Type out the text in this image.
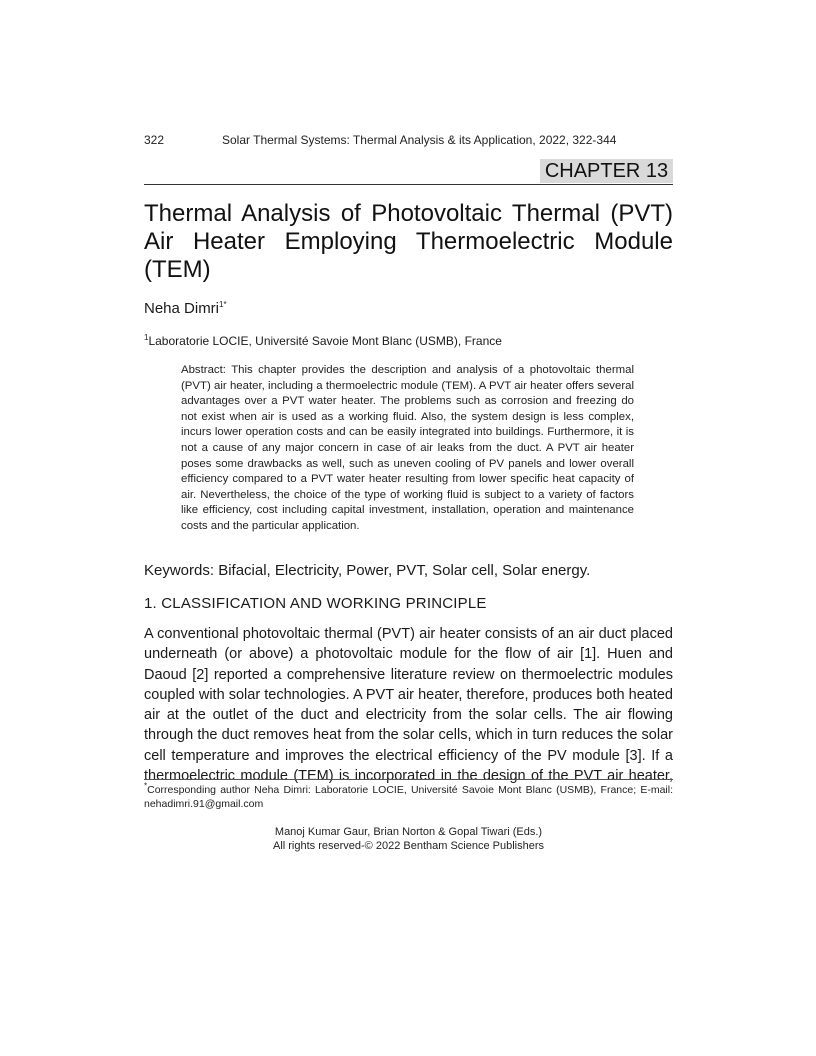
322	Solar Thermal Systems: Thermal Analysis & its Application, 2022, 322-344
CHAPTER 13
Thermal Analysis of Photovoltaic Thermal (PVT) Air Heater Employing Thermoelectric Module (TEM)
Neha Dimri$^{1*}$
$^1$Laboratorie LOCIE, Université Savoie Mont Blanc (USMB), France
Abstract: This chapter provides the description and analysis of a photovoltaic thermal (PVT) air heater, including a thermoelectric module (TEM). A PVT air heater offers several advantages over a PVT water heater. The problems such as corrosion and freezing do not exist when air is used as a working fluid. Also, the system design is less complex, incurs lower operation costs and can be easily integrated into buildings. Furthermore, it is not a cause of any major concern in case of air leaks from the duct. A PVT air heater poses some drawbacks as well, such as uneven cooling of PV panels and lower overall efficiency compared to a PVT water heater resulting from lower specific heat capacity of air. Nevertheless, the choice of the type of working fluid is subject to a variety of factors like efficiency, cost including capital investment, installation, operation and maintenance costs and the particular application.
Keywords: Bifacial, Electricity, Power, PVT, Solar cell, Solar energy.
1. CLASSIFICATION AND WORKING PRINCIPLE
A conventional photovoltaic thermal (PVT) air heater consists of an air duct placed underneath (or above) a photovoltaic module for the flow of air [1]. Huen and Daoud [2] reported a comprehensive literature review on thermoelectric modules coupled with solar technologies. A PVT air heater, therefore, produces both heated air at the outlet of the duct and electricity from the solar cells. The air flowing through the duct removes heat from the solar cells, which in turn reduces the solar cell temperature and improves the electrical efficiency of the PV module [3]. If a thermoelectric module (TEM) is incorporated in the design of the PVT air heater,
*Corresponding author Neha Dimri: Laboratorie LOCIE, Université Savoie Mont Blanc (USMB), France; E-mail: nehadimri.91@gmail.com
Manoj Kumar Gaur, Brian Norton & Gopal Tiwari (Eds.)
All rights reserved-© 2022 Bentham Science Publishers
